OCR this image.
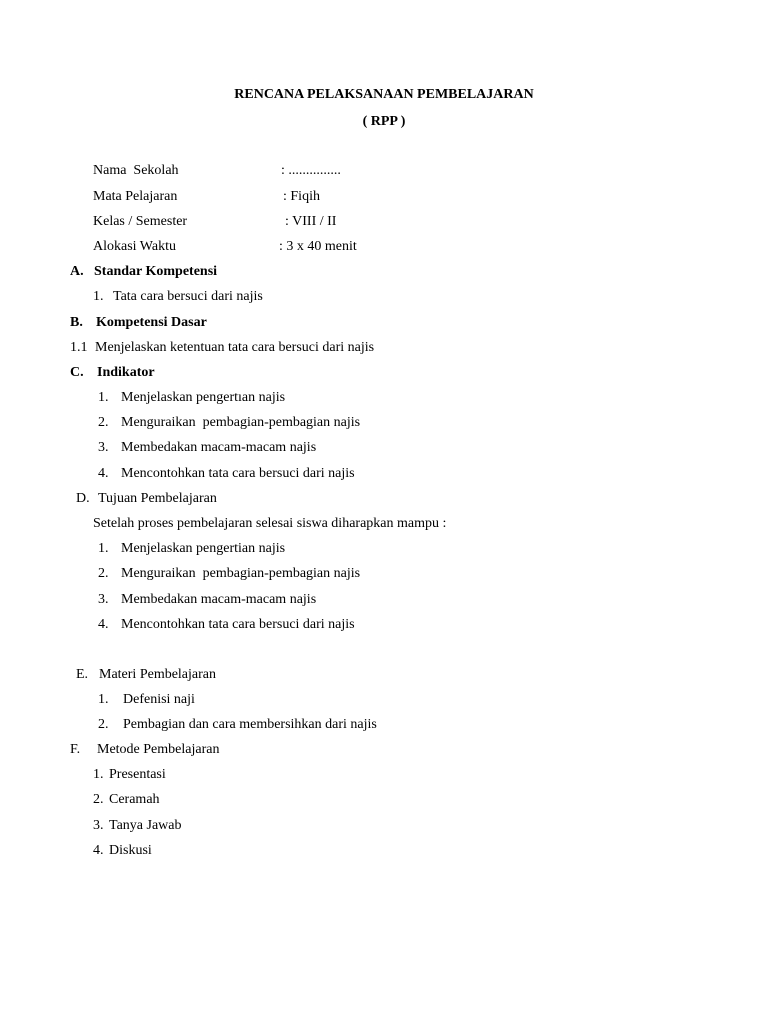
RENCANA PELAKSANAAN PEMBELAJARAN
( RPP )
Nama  Sekolah	: ...............
Mata Pelajaran	: Fiqih
Kelas / Semester	: VIII / II
Alokasi Waktu	: 3 x 40 menit
A. Standar Kompetensi
1. Tata cara bersuci dari najis
B. Kompetensi Dasar
1.1 Menjelaskan ketentuan tata cara bersuci dari najis
C. Indikator
1. Menjelaskan pengertıan najis
2. Menguraikan  pembagian-pembagian najis
3. Membedakan macam-macam najis
4. Mencontohkan tata cara bersuci dari najis
D. Tujuan Pembelajaran
Setelah proses pembelajaran selesai siswa diharapkan mampu :
1. Menjelaskan pengertian najis
2. Menguraikan  pembagian-pembagian najis
3. Membedakan macam-macam najis
4. Mencontohkan tata cara bersuci dari najis
E. Materi Pembelajaran
1. Defenisi naji
2. Pembagian dan cara membersihkan dari najis
F. Metode Pembelajaran
1. Presentasi
2. Ceramah
3. Tanya Jawab
4. Diskusi
